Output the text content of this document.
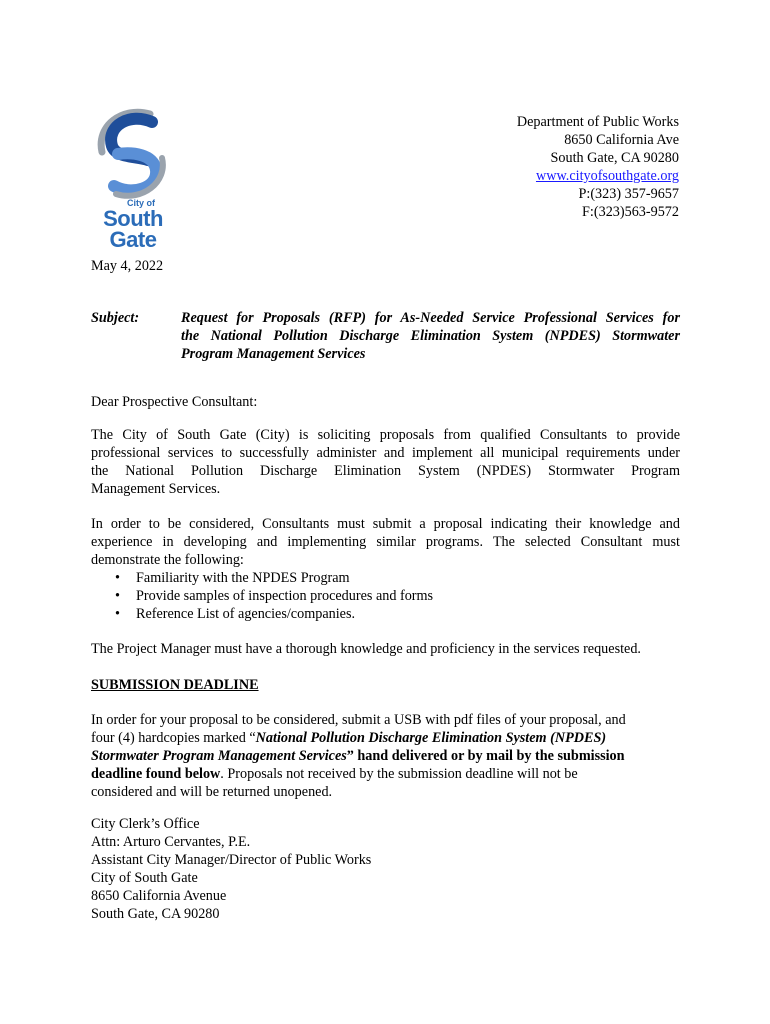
City of
South
Gate
Department of Public Works
8650 California Ave
South Gate, CA 90280
www.cityofsouthgate.org
P:(323) 357-9657
F:(323)563-9572
May 4, 2022
Subject:	Request for Proposals (RFP) for As-Needed Service Professional Services for
the National Pollution Discharge Elimination System (NPDES) Stormwater
Program Management Services
Dear Prospective Consultant:
The City of South Gate (City) is soliciting proposals from qualified Consultants to provide
professional services to successfully administer and implement all municipal requirements under
the National Pollution Discharge Elimination System (NPDES) Stormwater Program
Management Services.
In order to be considered, Consultants must submit a proposal indicating their knowledge and
experience in developing and implementing similar programs. The selected Consultant must
demonstrate the following:
• Familiarity with the NPDES Program
• Provide samples of inspection procedures and forms
• Reference List of agencies/companies.
The Project Manager must have a thorough knowledge and proficiency in the services requested.
SUBMISSION DEADLINE
In order for your proposal to be considered, submit a USB with pdf files of your proposal, and
four (4) hardcopies marked “National Pollution Discharge Elimination System (NPDES)
Stormwater Program Management Services” hand delivered or by mail by the submission
deadline found below. Proposals not received by the submission deadline will not be
considered and will be returned unopened.
City Clerk’s Office
Attn: Arturo Cervantes, P.E.
Assistant City Manager/Director of Public Works
City of South Gate
8650 California Avenue
South Gate, CA 90280
